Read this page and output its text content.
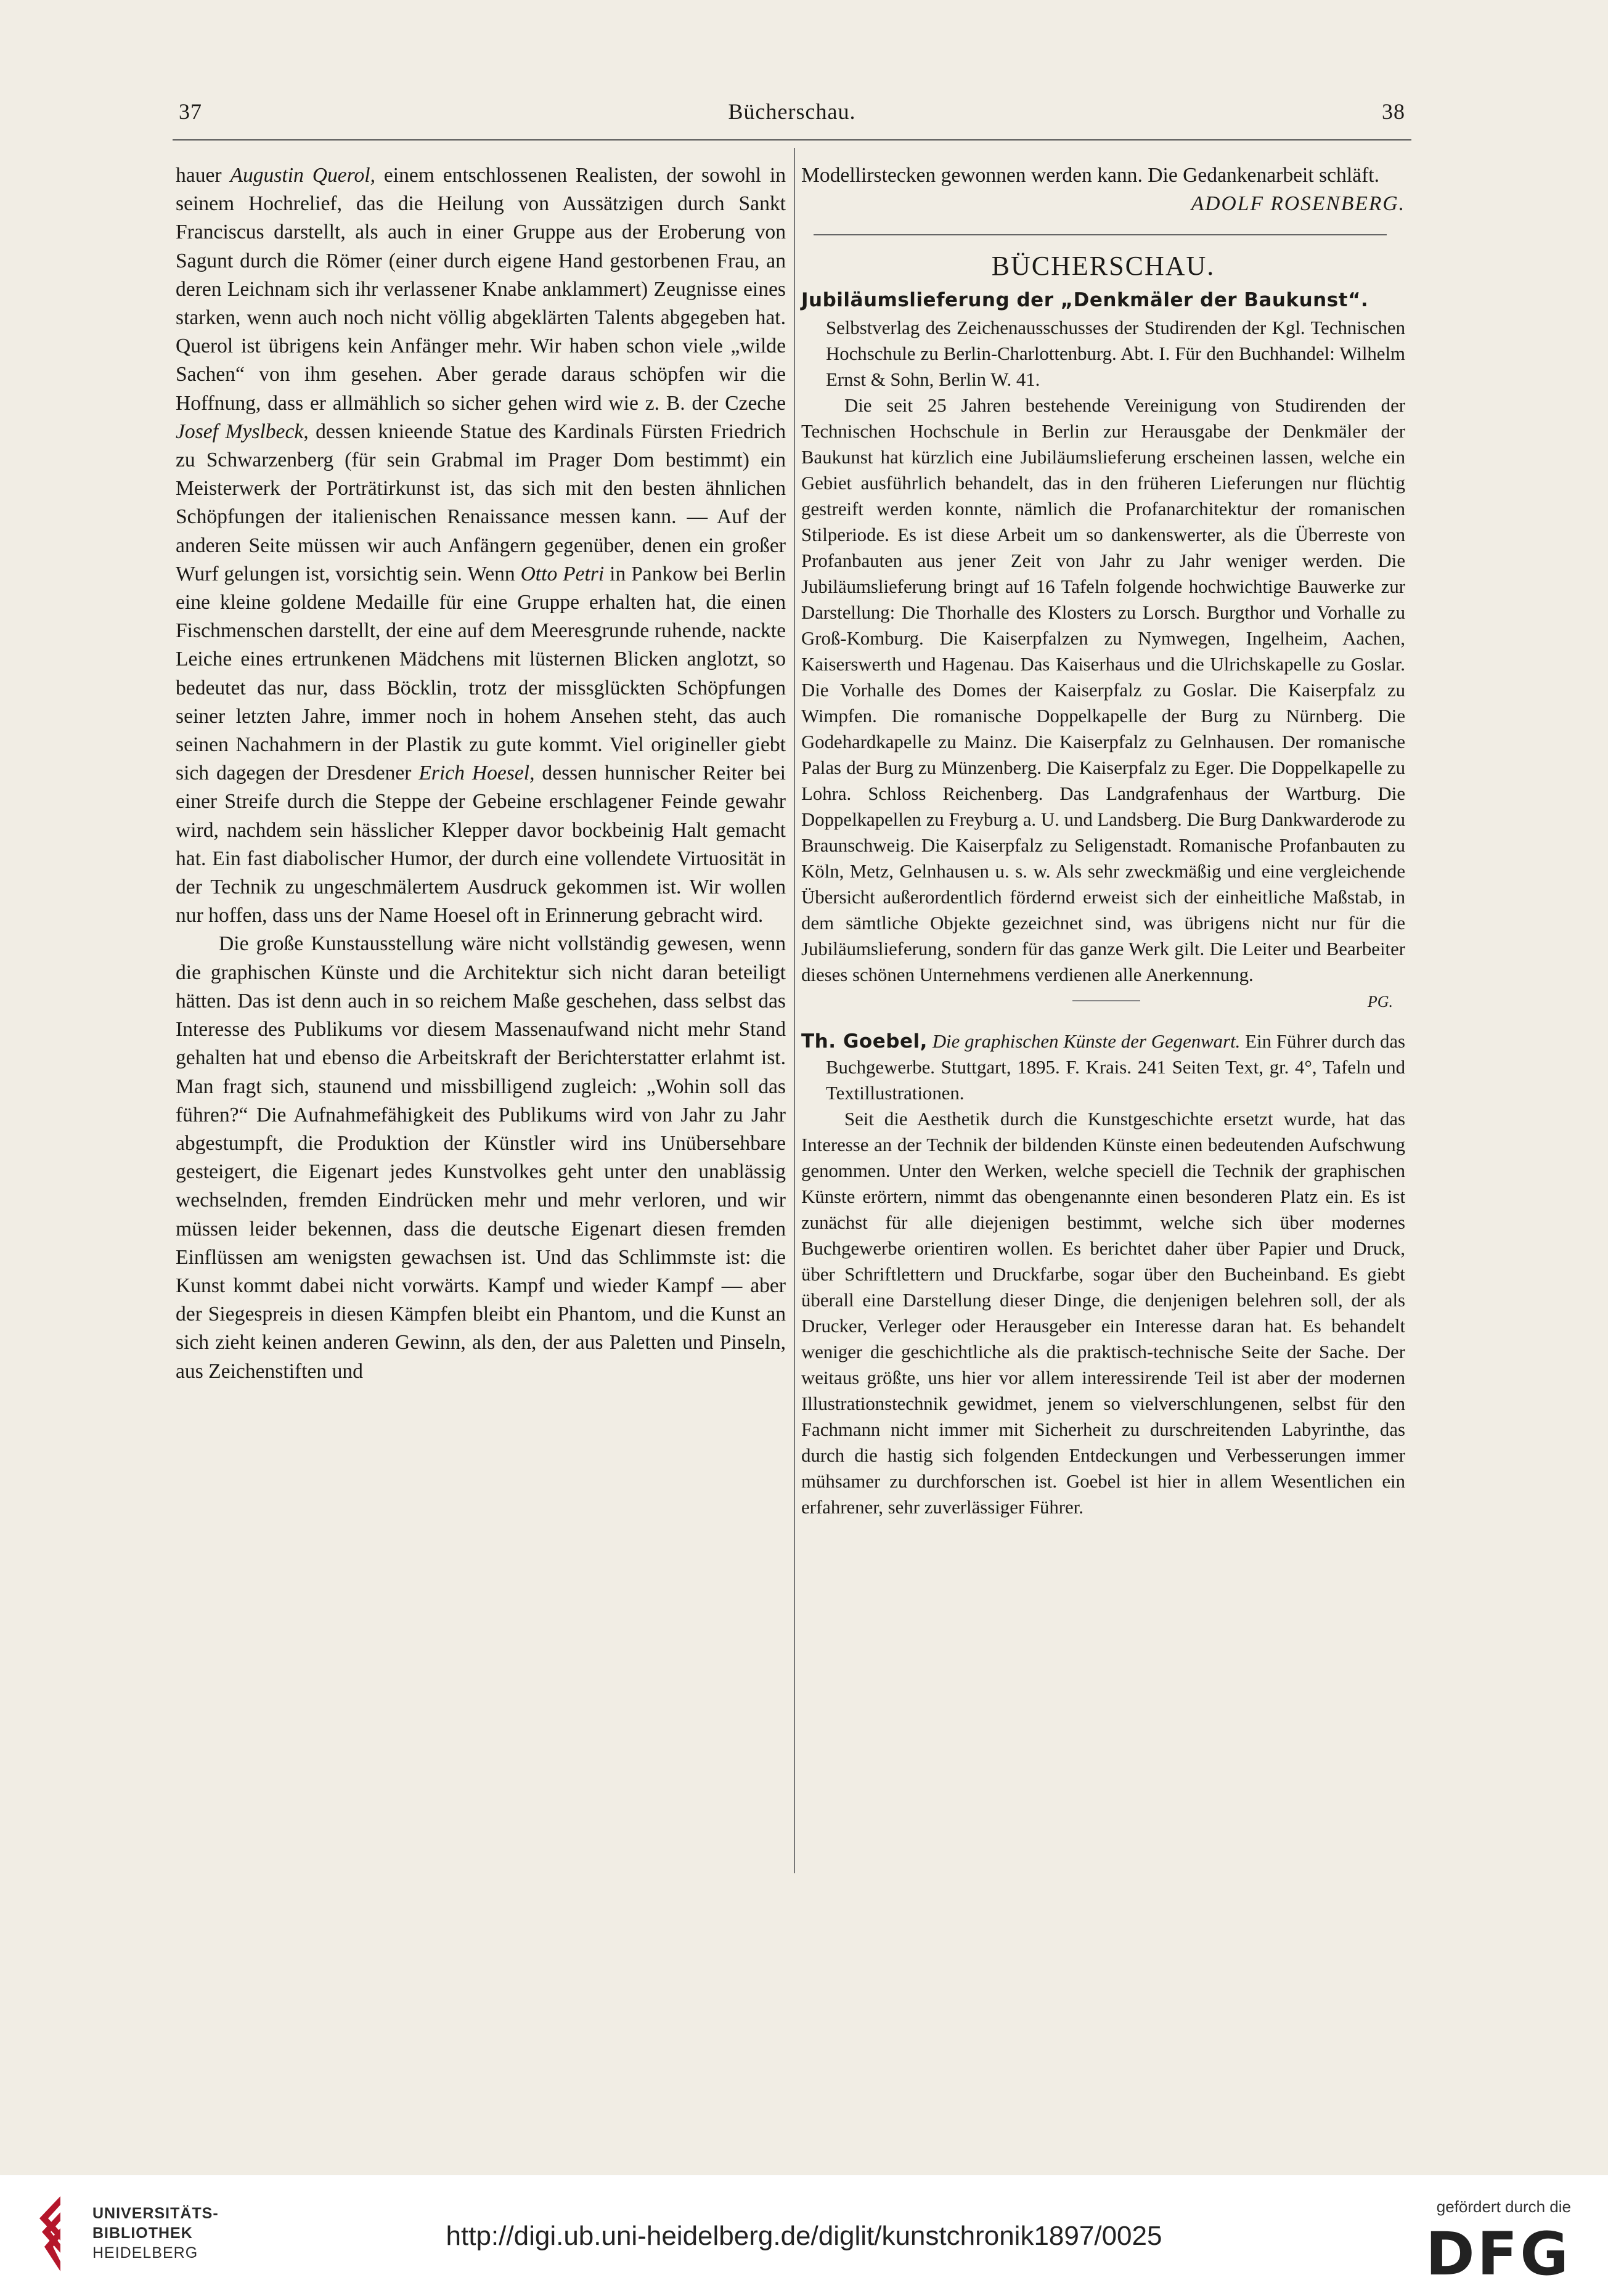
37	Bücherschau.	38

hauer Augustin Querol, einem entschlossenen Realisten, der sowohl in seinem Hochrelief, das die Heilung von Aussätzigen durch Sankt Franciscus darstellt, als auch in einer Gruppe aus der Eroberung von Sagunt durch die Römer (einer durch eigene Hand gestorbenen Frau, an deren Leichnam sich ihr verlassener Knabe anklammert) Zeugnisse eines starken, wenn auch noch nicht völlig abgeklärten Talents abgegeben hat. Querol ist übrigens kein Anfänger mehr. Wir haben schon viele „wilde Sachen“ von ihm gesehen. Aber gerade daraus schöpfen wir die Hoffnung, dass er allmählich so sicher gehen wird wie z. B. der Czeche Josef Myslbeck, dessen knieende Statue des Kardinals Fürsten Friedrich zu Schwarzenberg (für sein Grabmal im Prager Dom bestimmt) ein Meisterwerk der Porträtirkunst ist, das sich mit den besten ähnlichen Schöpfungen der italienischen Renaissance messen kann. — Auf der anderen Seite müssen wir auch Anfängern gegenüber, denen ein großer Wurf gelungen ist, vorsichtig sein. Wenn Otto Petri in Pankow bei Berlin eine kleine goldene Medaille für eine Gruppe erhalten hat, die einen Fischmenschen darstellt, der eine auf dem Meeresgrunde ruhende, nackte Leiche eines ertrunkenen Mädchens mit lüsternen Blicken anglotzt, so bedeutet das nur, dass Böcklin, trotz der missglückten Schöpfungen seiner letzten Jahre, immer noch in hohem Ansehen steht, das auch seinen Nachahmern in der Plastik zu gute kommt. Viel origineller giebt sich dagegen der Dresdener Erich Hoesel, dessen hunnischer Reiter bei einer Streife durch die Steppe der Gebeine erschlagener Feinde gewahr wird, nachdem sein hässlicher Klepper davor bockbeinig Halt gemacht hat. Ein fast diabolischer Humor, der durch eine vollendete Virtuosität in der Technik zu ungeschmälertem Ausdruck gekommen ist. Wir wollen nur hoffen, dass uns der Name Hoesel oft in Erinnerung gebracht wird.

Die große Kunstausstellung wäre nicht vollständig gewesen, wenn die graphischen Künste und die Architektur sich nicht daran beteiligt hätten. Das ist denn auch in so reichem Maße geschehen, dass selbst das Interesse des Publikums vor diesem Massenaufwand nicht mehr Stand gehalten hat und ebenso die Arbeitskraft der Berichterstatter erlahmt ist. Man fragt sich, staunend und missbilligend zugleich: „Wohin soll das führen?“ Die Aufnahmefähigkeit des Publikums wird von Jahr zu Jahr abgestumpft, die Produktion der Künstler wird ins Unübersehbare gesteigert, die Eigenart jedes Kunstvolkes geht unter den unablässig wechselnden, fremden Eindrücken mehr und mehr verloren, und wir müssen leider bekennen, dass die deutsche Eigenart diesen fremden Einflüssen am wenigsten gewachsen ist. Und das Schlimmste ist: die Kunst kommt dabei nicht vorwärts. Kampf und wieder Kampf — aber der Siegespreis in diesen Kämpfen bleibt ein Phantom, und die Kunst an sich zieht keinen anderen Gewinn, als den, der aus Paletten und Pinseln, aus Zeichenstiften und

Modellirstecken gewonnen werden kann. Die Gedankenarbeit schläft.

ADOLF ROSENBERG.

BÜCHERSCHAU.
Jubiläumslieferung der „Denkmäler der Baukunst“.

Selbstverlag des Zeichenausschusses der Studirenden der Kgl. Technischen Hochschule zu Berlin-Charlottenburg. Abt. I. Für den Buchhandel: Wilhelm Ernst & Sohn, Berlin W. 41.

Die seit 25 Jahren bestehende Vereinigung von Studirenden der Technischen Hochschule in Berlin zur Herausgabe der Denkmäler der Baukunst hat kürzlich eine Jubiläumslieferung erscheinen lassen, welche ein Gebiet ausführlich behandelt, das in den früheren Lieferungen nur flüchtig gestreift werden konnte, nämlich die Profanarchitektur der romanischen Stilperiode. Es ist diese Arbeit um so dankenswerter, als die Überreste von Profanbauten aus jener Zeit von Jahr zu Jahr weniger werden. Die Jubiläumslieferung bringt auf 16 Tafeln folgende hochwichtige Bauwerke zur Darstellung: Die Thorhalle des Klosters zu Lorsch. Burgthor und Vorhalle zu Groß-Komburg. Die Kaiserpfalzen zu Nymwegen, Ingelheim, Aachen, Kaiserswerth und Hagenau. Das Kaiserhaus und die Ulrichskapelle zu Goslar. Die Vorhalle des Domes der Kaiserpfalz zu Goslar. Die Kaiserpfalz zu Wimpfen. Die romanische Doppelkapelle der Burg zu Nürnberg. Die Godehardkapelle zu Mainz. Die Kaiserpfalz zu Gelnhausen. Der romanische Palas der Burg zu Münzenberg. Die Kaiserpfalz zu Eger. Die Doppelkapelle zu Lohra. Schloss Reichenberg. Das Landgrafenhaus der Wartburg. Die Doppelkapellen zu Freyburg a. U. und Landsberg. Die Burg Dankwarderode zu Braunschweig. Die Kaiserpfalz zu Seligenstadt. Romanische Profanbauten zu Köln, Metz, Gelnhausen u. s. w. Als sehr zweckmäßig und eine vergleichende Übersicht außerordentlich fördernd erweist sich der einheitliche Maßstab, in dem sämtliche Objekte gezeichnet sind, was übrigens nicht nur für die Jubiläumslieferung, sondern für das ganze Werk gilt. Die Leiter und Bearbeiter dieses schönen Unternehmens verdienen alle Anerkennung.

PG.

Th. Goebel, Die graphischen Künste der Gegenwart. Ein Führer durch das Buchgewerbe. Stuttgart, 1895. F. Krais. 241 Seiten Text, gr. 4°, Tafeln und Textillustrationen.

Seit die Aesthetik durch die Kunstgeschichte ersetzt wurde, hat das Interesse an der Technik der bildenden Künste einen bedeutenden Aufschwung genommen. Unter den Werken, welche speciell die Technik der graphischen Künste erörtern, nimmt das obengenannte einen besonderen Platz ein. Es ist zunächst für alle diejenigen bestimmt, welche sich über modernes Buchgewerbe orientiren wollen. Es berichtet daher über Papier und Druck, über Schriftlettern und Druckfarbe, sogar über den Bucheinband. Es giebt überall eine Darstellung dieser Dinge, die denjenigen belehren soll, der als Drucker, Verleger oder Herausgeber ein Interesse daran hat. Es behandelt weniger die geschichtliche als die praktisch-technische Seite der Sache. Der weitaus größte, uns hier vor allem interessirende Teil ist aber der modernen Illustrationstechnik gewidmet, jenem so vielverschlungenen, selbst für den Fachmann nicht immer mit Sicherheit zu durschreitenden Labyrinthe, das durch die hastig sich folgenden Entdeckungen und Verbesserungen immer mühsamer zu durchforschen ist. Goebel ist hier in allem Wesentlichen ein erfahrener, sehr zuverlässiger Führer.

UNIVERSITÄTS-
BIBLIOTHEK
HEIDELBERG
http://digi.ub.uni-heidelberg.de/diglit/kunstchronik1897/0025
gefördert durch die
DFG
